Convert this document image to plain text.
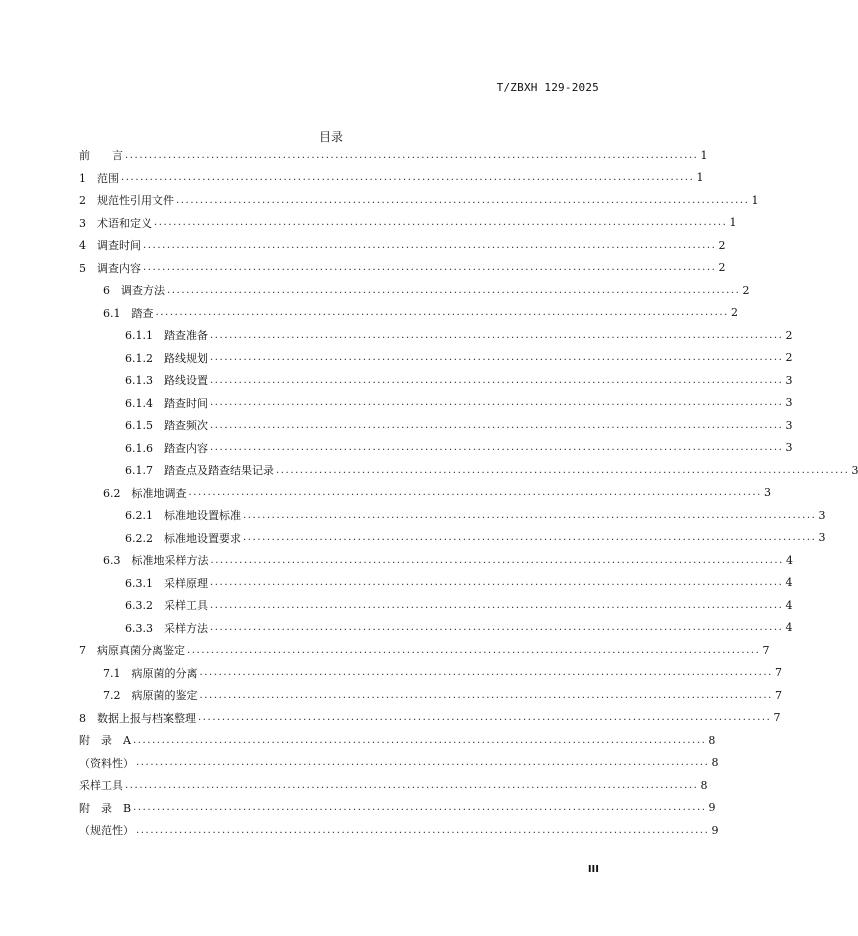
T/ZBXH 129-2025
目录
前　　言 ........................................................................................................................ 1
1　范围 ........................................................................................................................ 1
2　规范性引用文件 ........................................................................................................................ 1
3　术语和定义 ........................................................................................................................ 1
4　调查时间 ........................................................................................................................ 2
5　调查内容 ........................................................................................................................ 2
6　调查方法 ........................................................................................................................ 2
6.1　踏查 ........................................................................................................................ 2
6.1.1　踏查准备 ........................................................................................................................ 2
6.1.2　路线规划 ........................................................................................................................ 2
6.1.3　路线设置 ........................................................................................................................ 3
6.1.4　踏查时间 ........................................................................................................................ 3
6.1.5　踏查频次 ........................................................................................................................ 3
6.1.6　踏查内容 ........................................................................................................................ 3
6.1.7　踏查点及踏查结果记录 ........................................................................................................................ 3
6.2　标准地调查 ........................................................................................................................ 3
6.2.1　标准地设置标准 ........................................................................................................................ 3
6.2.2　标准地设置要求 ........................................................................................................................ 3
6.3　标准地采样方法 ........................................................................................................................ 4
6.3.1　采样原理 ........................................................................................................................ 4
6.3.2　采样工具 ........................................................................................................................ 4
6.3.3　采样方法 ........................................................................................................................ 4
7　病原真菌分离鉴定 ........................................................................................................................ 7
7.1　病原菌的分离 ........................................................................................................................ 7
7.2　病原菌的鉴定 ........................................................................................................................ 7
8　数据上报与档案整理 ........................................................................................................................ 7
附　录　A ........................................................................................................................ 8
（资料性） ........................................................................................................................ 8
采样工具 ........................................................................................................................ 8
附　录　B ........................................................................................................................ 9
（规范性） ........................................................................................................................ 9
III
